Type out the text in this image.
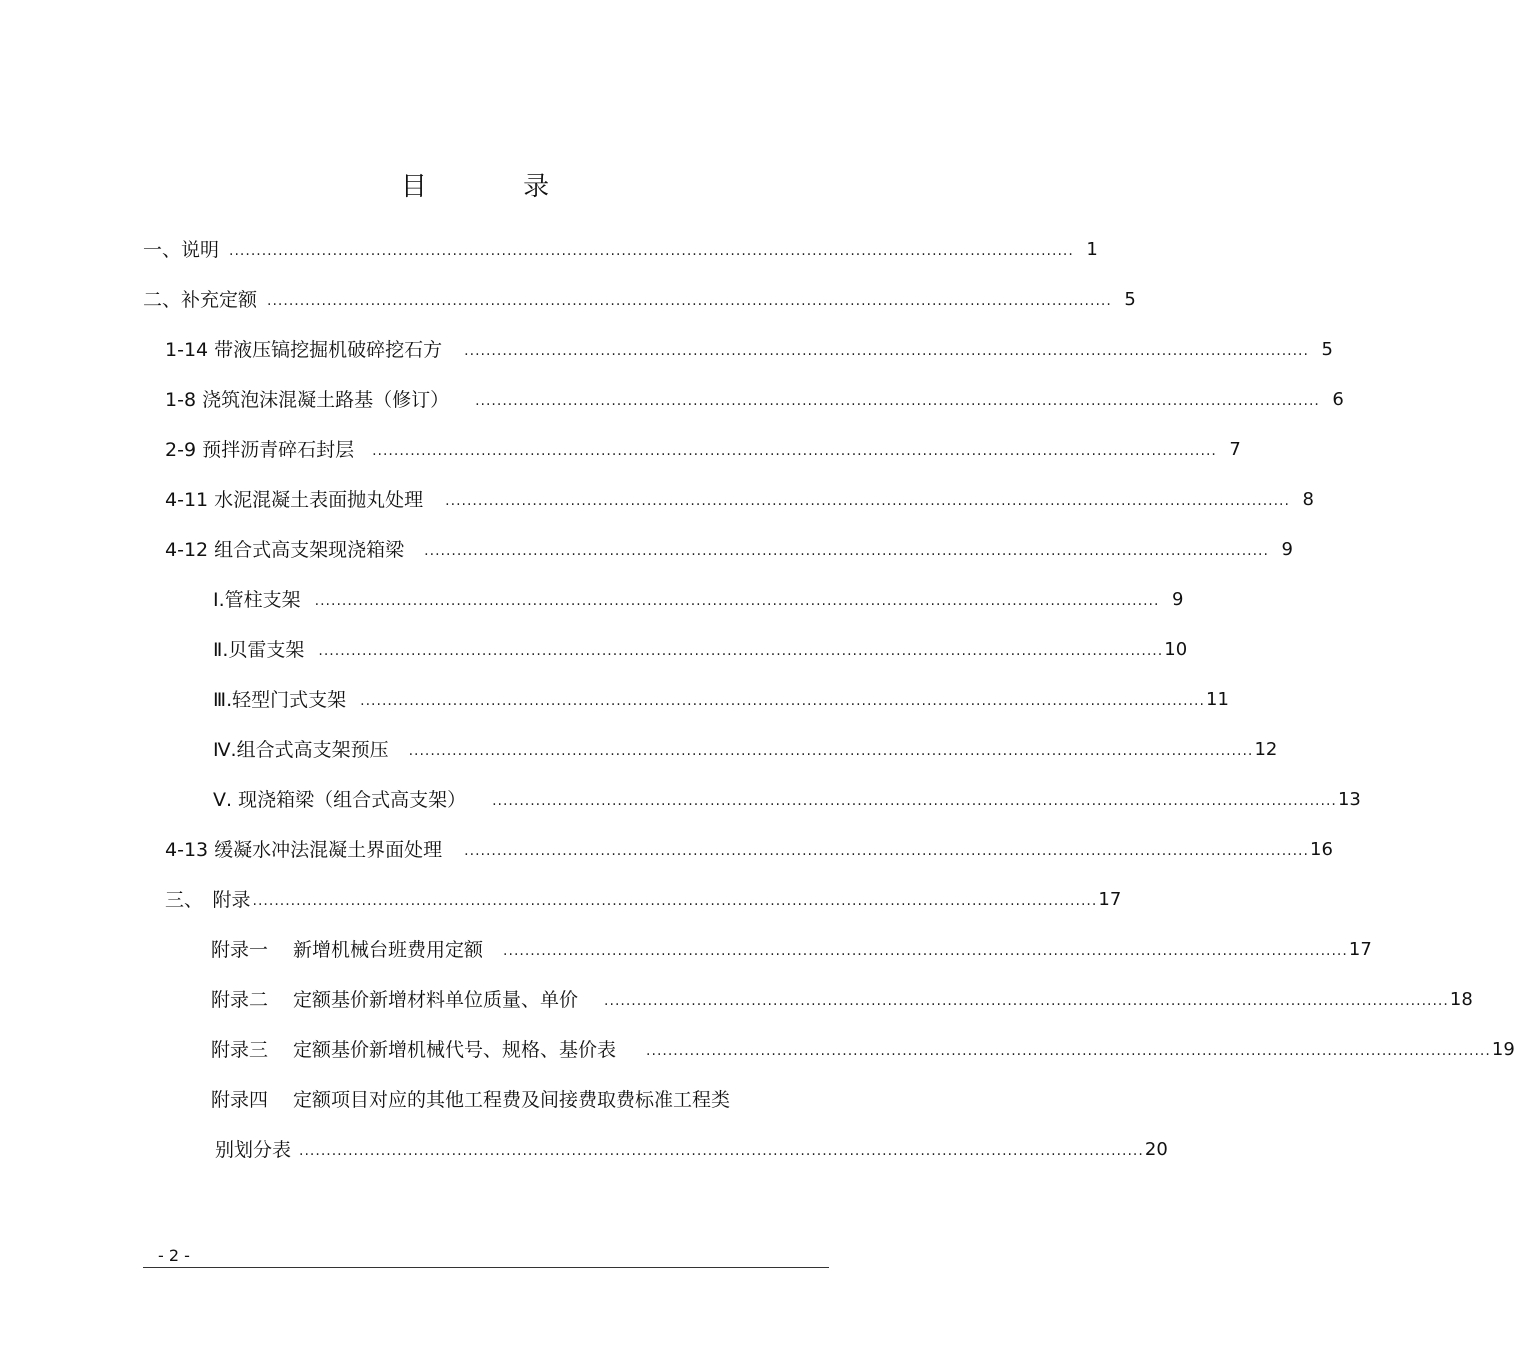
目	录
一、说明 ........................................................................................................................................................... 1
二、补充定额 ........................................................................................................................................................... 5
1-14 带液压镐挖掘机破碎挖石方	........................................................................................................................................................... 5
1-8 浇筑泡沫混凝土路基（修订）	........................................................................................................................................................... 6
2-9 预拌沥青碎石封层	........................................................................................................................................................... 7
4-11 水泥混凝土表面抛丸处理	........................................................................................................................................................... 8
4-12 组合式高支架现浇箱梁	........................................................................................................................................................... 9
Ⅰ.管柱支架	........................................................................................................................................................... 9
Ⅱ.贝雷支架	........................................................................................................................................................... 10
Ⅲ.轻型门式支架	........................................................................................................................................................... 11
Ⅳ.组合式高支架预压	........................................................................................................................................................... 12
Ⅴ. 现浇箱梁（组合式高支架）	........................................................................................................................................................... 13
4-13 缓凝水冲法混凝土界面处理	........................................................................................................................................................... 16
三、　附录 ........................................................................................................................................................... 17
附录一　 新增机械台班费用定额	........................................................................................................................................................... 17
附录二　 定额基价新增材料单位质量、单价	........................................................................................................................................................... 18
附录三　 定额基价新增机械代号、规格、基价表	........................................................................................................................................................... 19
附录四　 定额项目对应的其他工程费及间接费取费标准工程类
别划分表 ........................................................................................................................................................... 20
- 2 -
